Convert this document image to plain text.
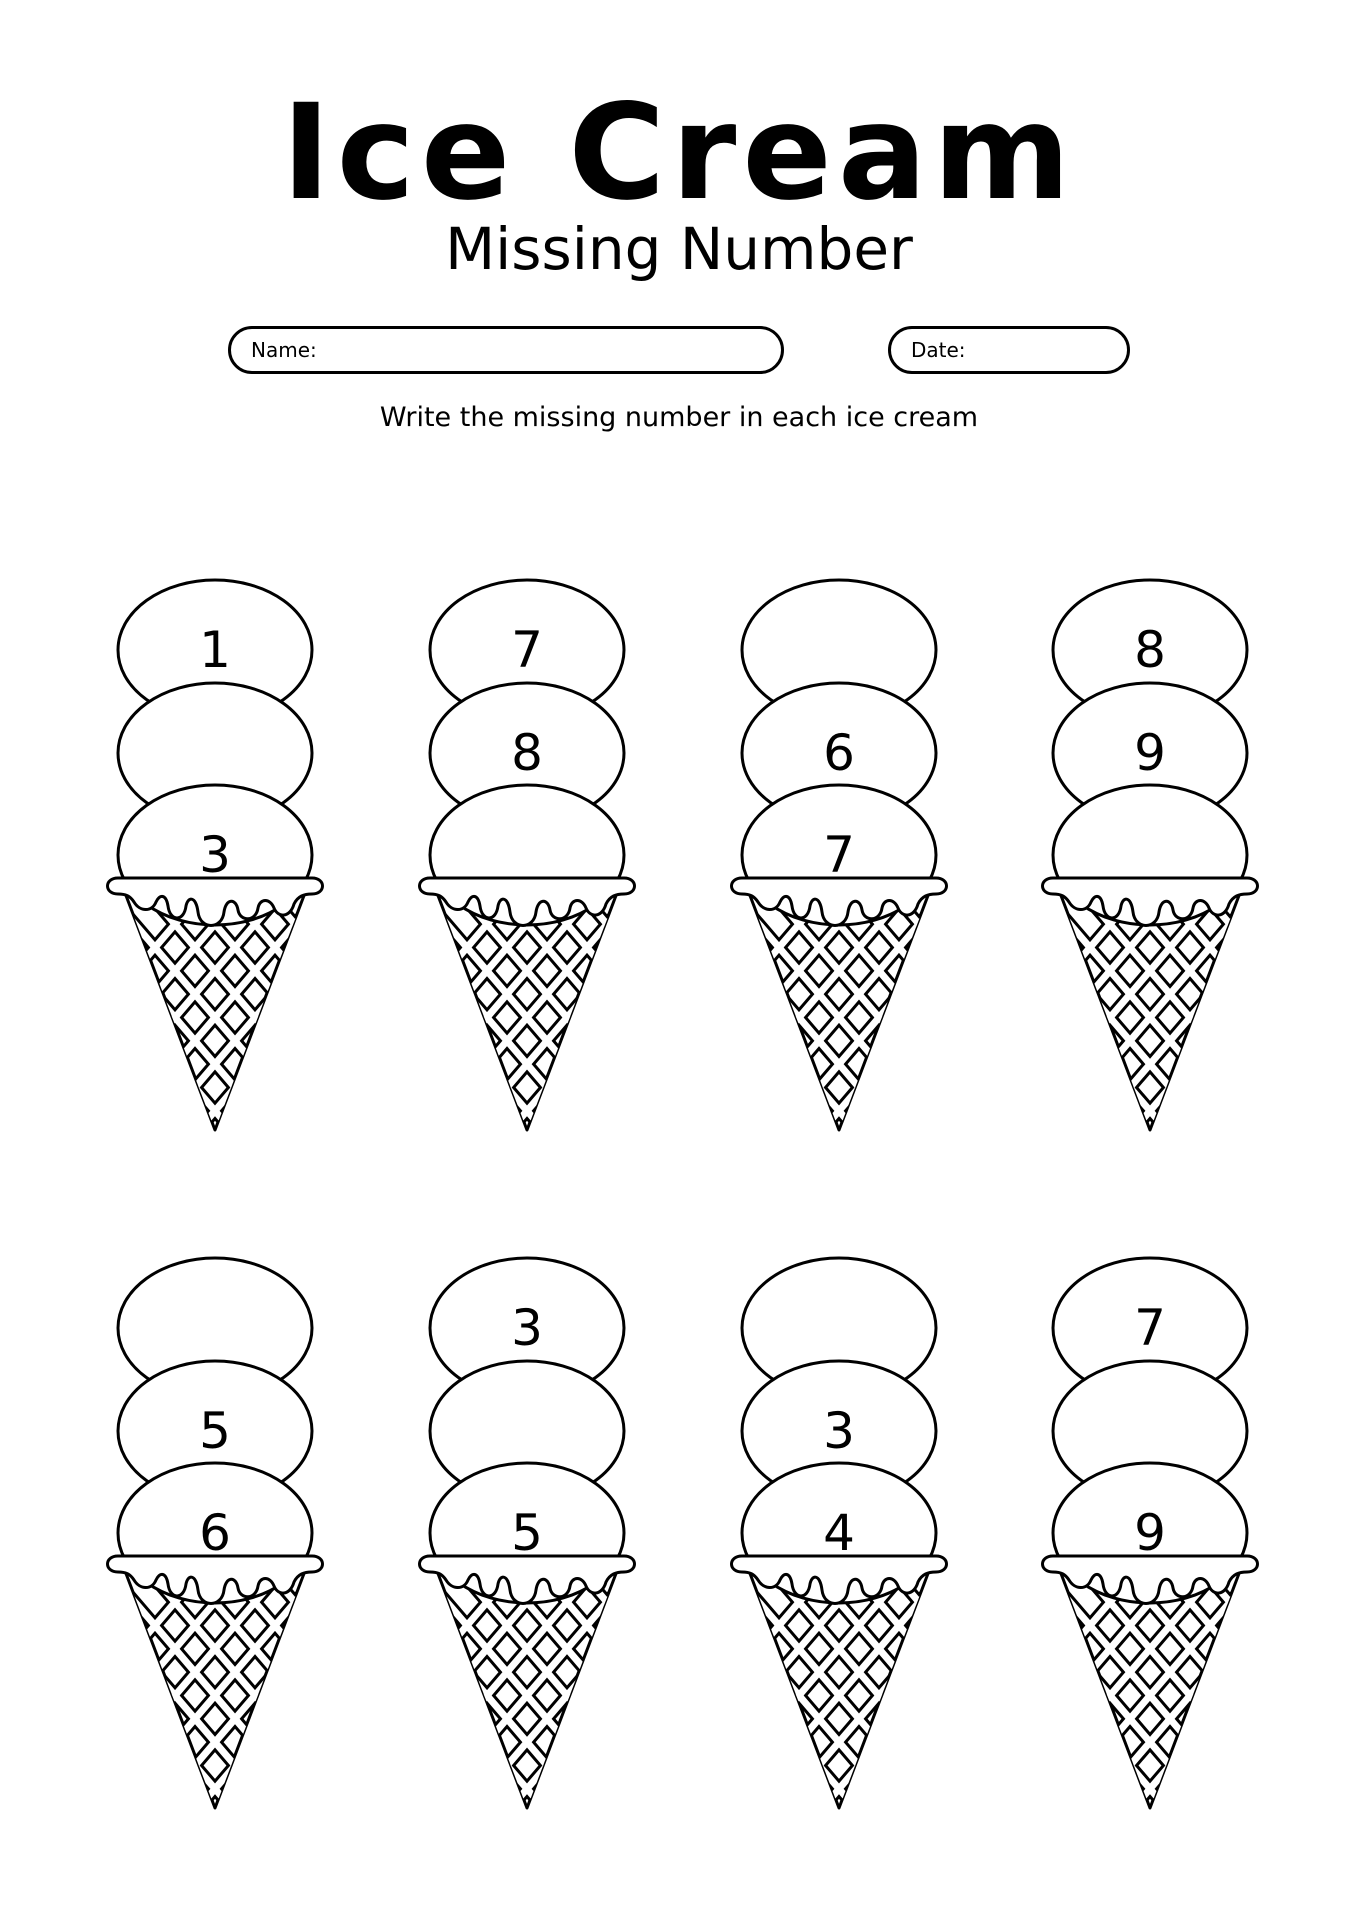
Ice Cream
Missing Number
Name:	Date:
Write the missing number in each ice cream
1
3
7
8	6
7
8
9
5
6
3
5
3
4
7
9
